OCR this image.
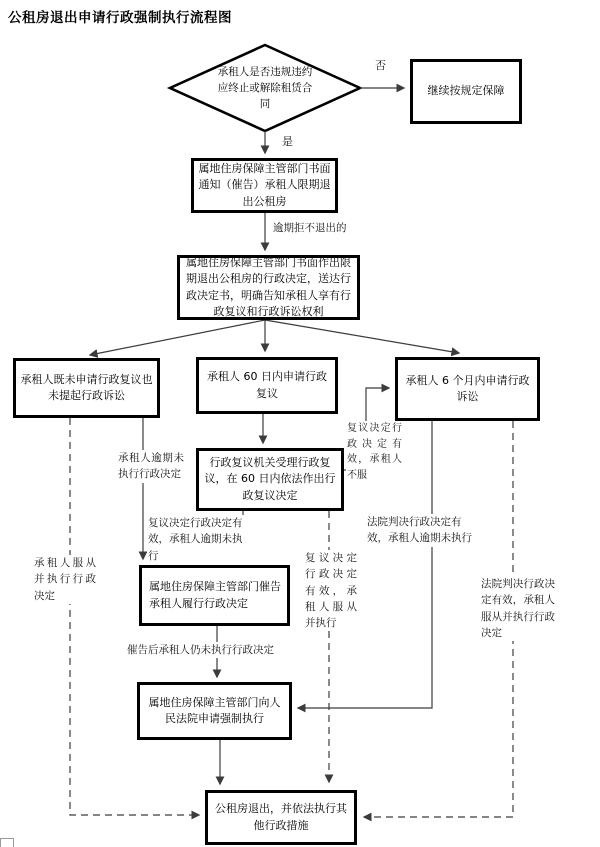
公租房退出申请行政强制执行流程图
承租人是否违规违约应终止或解除租赁合同
继续按规定保障
属地住房保障主管部门书面通知（催告）承租人限期退出公租房
属地住房保障主管部门书面作出限期退出公租房的行政决定，送达行政决定书，明确告知承租人享有行政复议和行政诉讼权利
承租人既未申请行政复议也未提起行政诉讼
承租人 60 日内申请行政复议
承租人 6 个月内申请行政诉讼
行政复议机关受理行政复议，在 60 日内依法作出行政复议决定
属地住房保障主管部门催告承租人履行行政决定
属地住房保障主管部门向人民法院申请强制执行
公租房退出，并依法执行其他行政措施
否
是
逾期拒不退出的
复议决定行政决定有效，承租人不服
承租人逾期未执行行政决定
承租人服从并执行行政决定
复议决定行政决定有效，承租人逾期未执行	复议决定行政决定有效，承租人服从并执行
法院判决行政决定有效，承租人逾期未执行
法院判决行政决定有效，承租人服从并执行行政决定
催告后承租人仍未执行行政决定
